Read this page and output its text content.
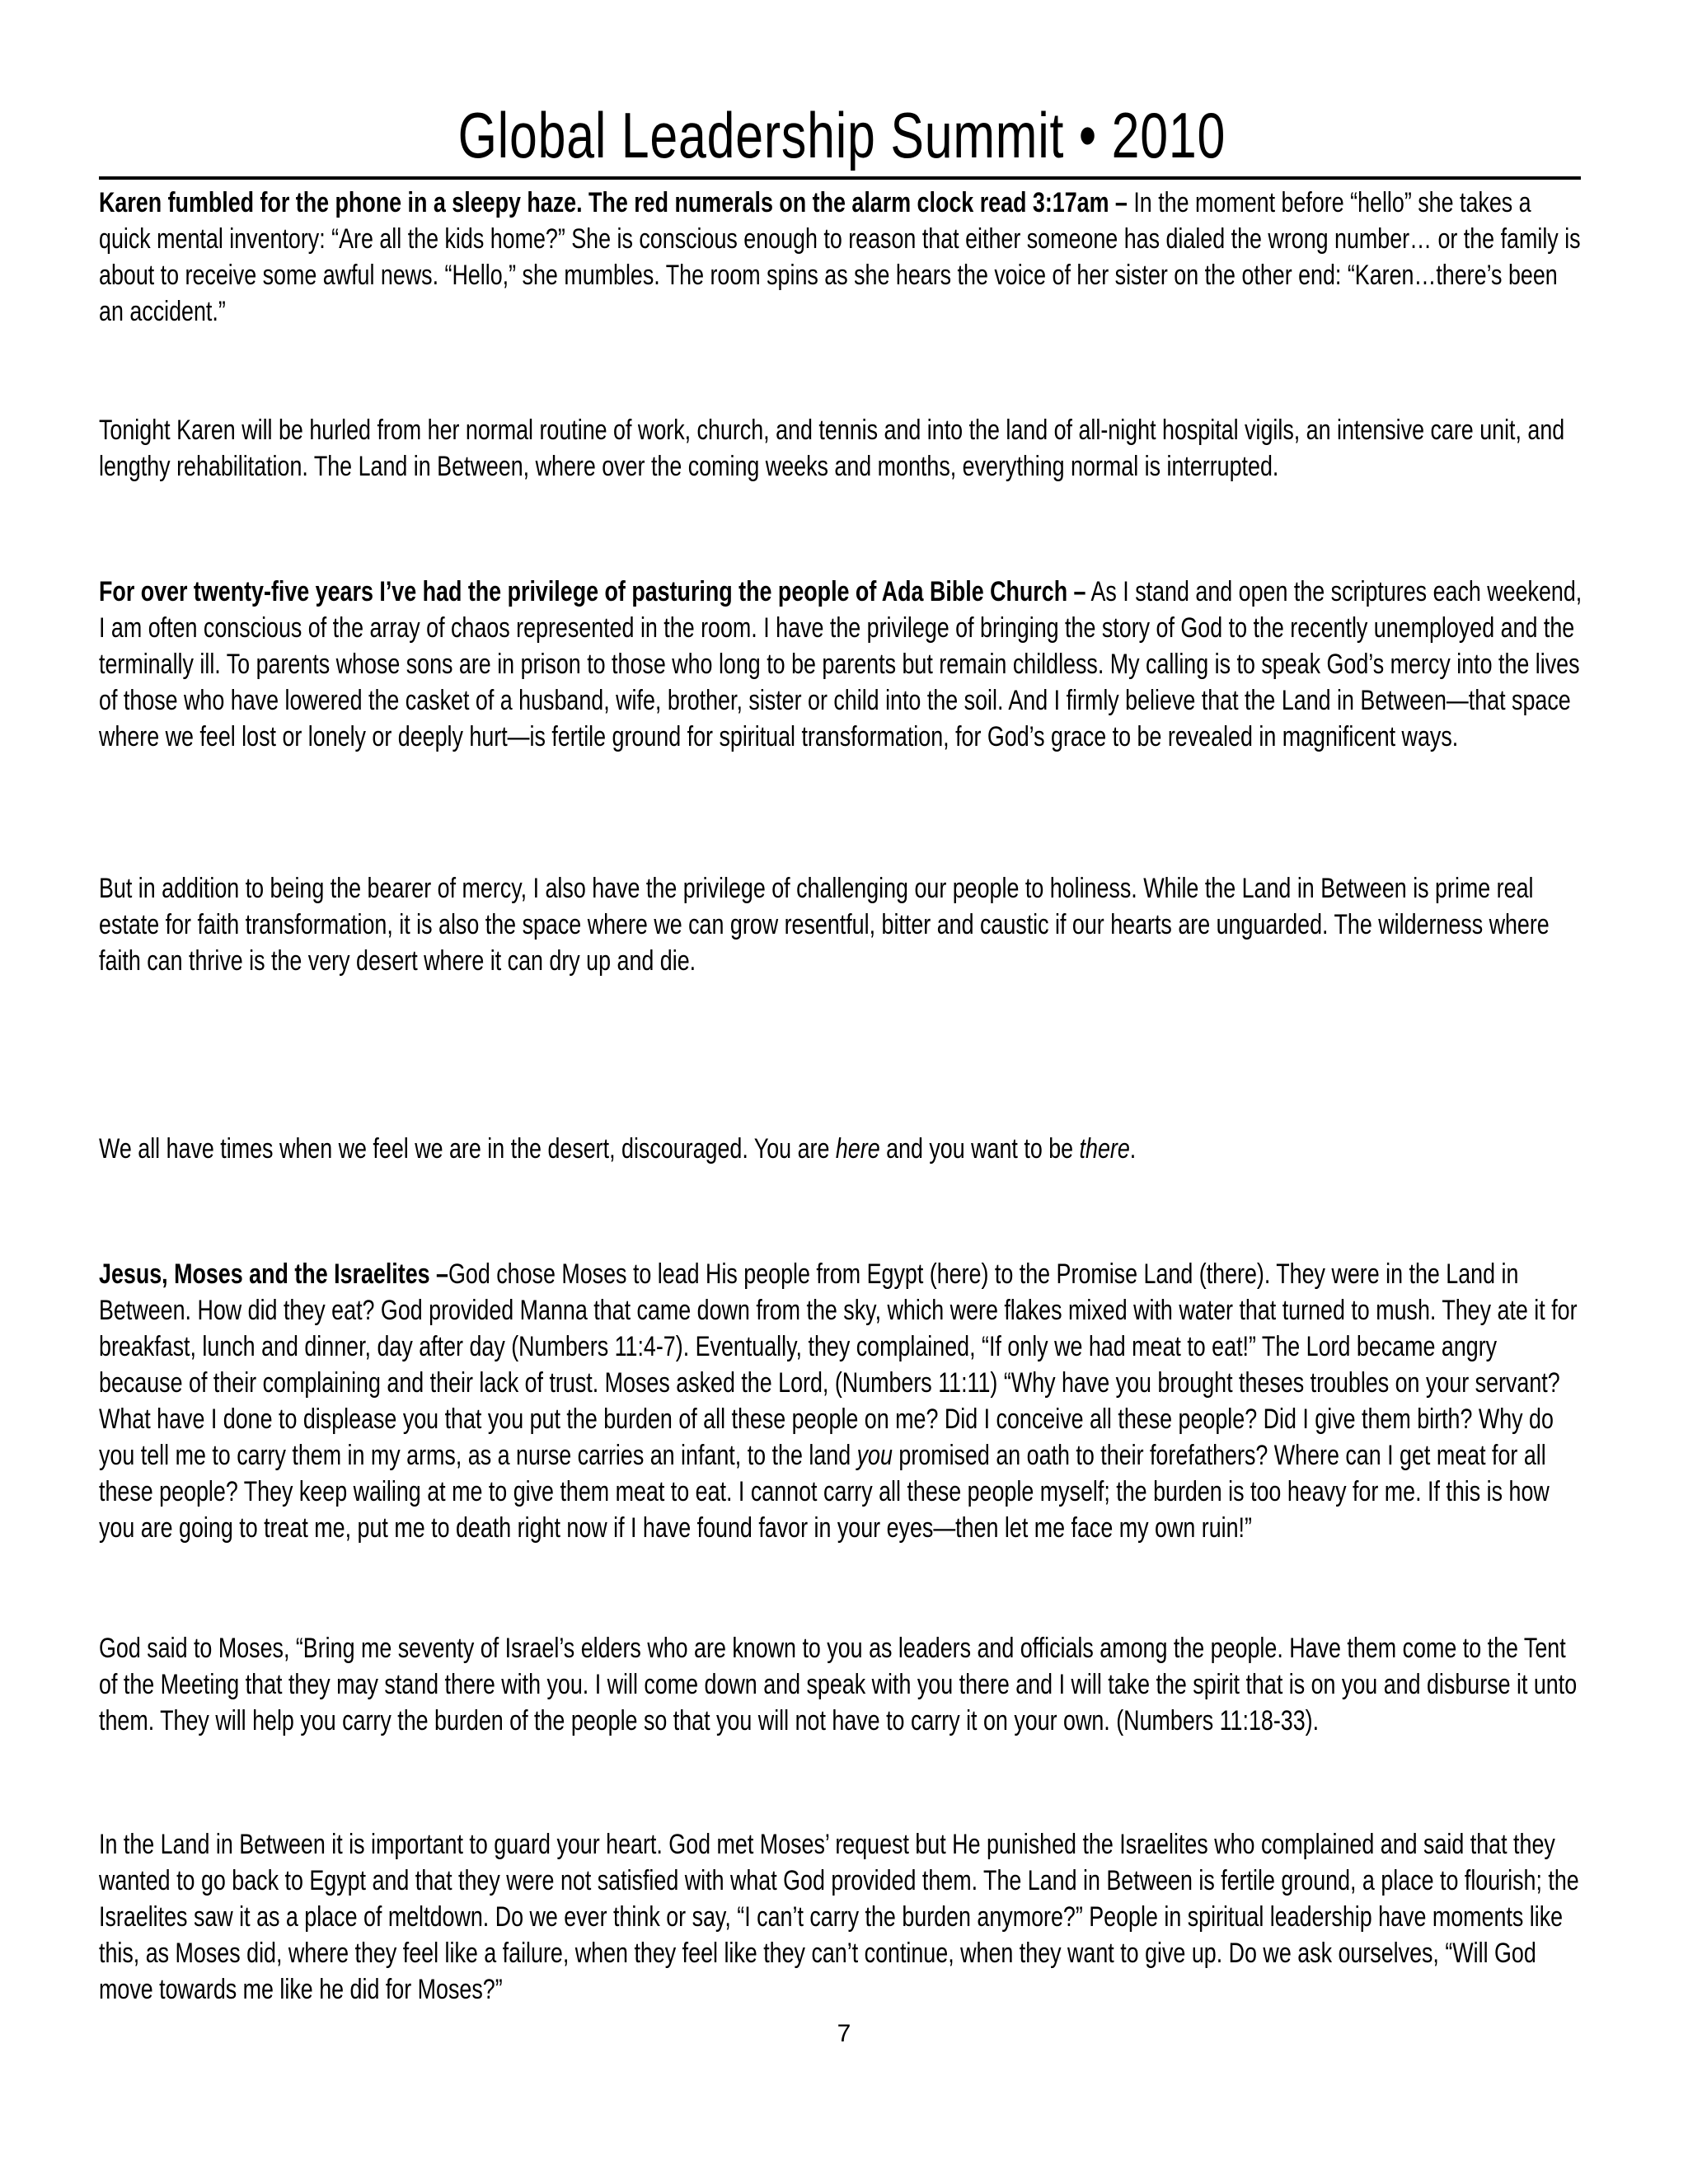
Global Leadership Summit • 2010

Karen fumbled for the phone in a sleepy haze. The red numerals on the alarm clock read 3:17am – In the moment before “hello” she takes a quick mental inventory: “Are all the kids home?” She is conscious enough to reason that either someone has dialed the wrong number… or the family is about to receive some awful news. “Hello,” she mumbles. The room spins as she hears the voice of her sister on the other end: “Karen…there’s been an accident.”

Tonight Karen will be hurled from her normal routine of work, church, and tennis and into the land of all-night hospital vigils, an intensive care unit, and lengthy rehabilitation. The Land in Between, where over the coming weeks and months, everything normal is interrupted.

For over twenty-five years I’ve had the privilege of pasturing the people of Ada Bible Church – As I stand and open the scriptures each weekend, I am often conscious of the array of chaos represented in the room. I have the privilege of bringing the story of God to the recently unemployed and the terminally ill. To parents whose sons are in prison to those who long to be parents but remain childless. My calling is to speak God’s mercy into the lives of those who have lowered the casket of a husband, wife, brother, sister or child into the soil. And I firmly believe that the Land in Between—that space where we feel lost or lonely or deeply hurt—is fertile ground for spiritual transformation, for God’s grace to be revealed in magnificent ways.

But in addition to being the bearer of mercy, I also have the privilege of challenging our people to holiness. While the Land in Between is prime real estate for faith transformation, it is also the space where we can grow resentful, bitter and caustic if our hearts are unguarded. The wilderness where faith can thrive is the very desert where it can dry up and die.

We all have times when we feel we are in the desert, discouraged. You are here and you want to be there.

Jesus, Moses and the Israelites –God chose Moses to lead His people from Egypt (here) to the Promise Land (there). They were in the Land in Between. How did they eat? God provided Manna that came down from the sky, which were flakes mixed with water that turned to mush. They ate it for breakfast, lunch and dinner, day after day (Numbers 11:4-7). Eventually, they complained, “If only we had meat to eat!” The Lord became angry because of their complaining and their lack of trust. Moses asked the Lord, (Numbers 11:11) “Why have you brought theses troubles on your servant? What have I done to displease you that you put the burden of all these people on me? Did I conceive all these people? Did I give them birth? Why do you tell me to carry them in my arms, as a nurse carries an infant, to the land you promised an oath to their forefathers? Where can I get meat for all these people? They keep wailing at me to give them meat to eat. I cannot carry all these people myself; the burden is too heavy for me. If this is how you are going to treat me, put me to death right now if I have found favor in your eyes—then let me face my own ruin!”

God said to Moses, “Bring me seventy of Israel’s elders who are known to you as leaders and officials among the people. Have them come to the Tent of the Meeting that they may stand there with you. I will come down and speak with you there and I will take the spirit that is on you and disburse it unto them. They will help you carry the burden of the people so that you will not have to carry it on your own. (Numbers 11:18-33).

In the Land in Between it is important to guard your heart. God met Moses’ request but He punished the Israelites who complained and said that they wanted to go back to Egypt and that they were not satisfied with what God provided them. The Land in Between is fertile ground, a place to flourish; the Israelites saw it as a place of meltdown. Do we ever think or say, “I can’t carry the burden anymore?” People in spiritual leadership have moments like this, as Moses did, where they feel like a failure, when they feel like they can’t continue, when they want to give up. Do we ask ourselves, “Will God move towards me like he did for Moses?”

7
